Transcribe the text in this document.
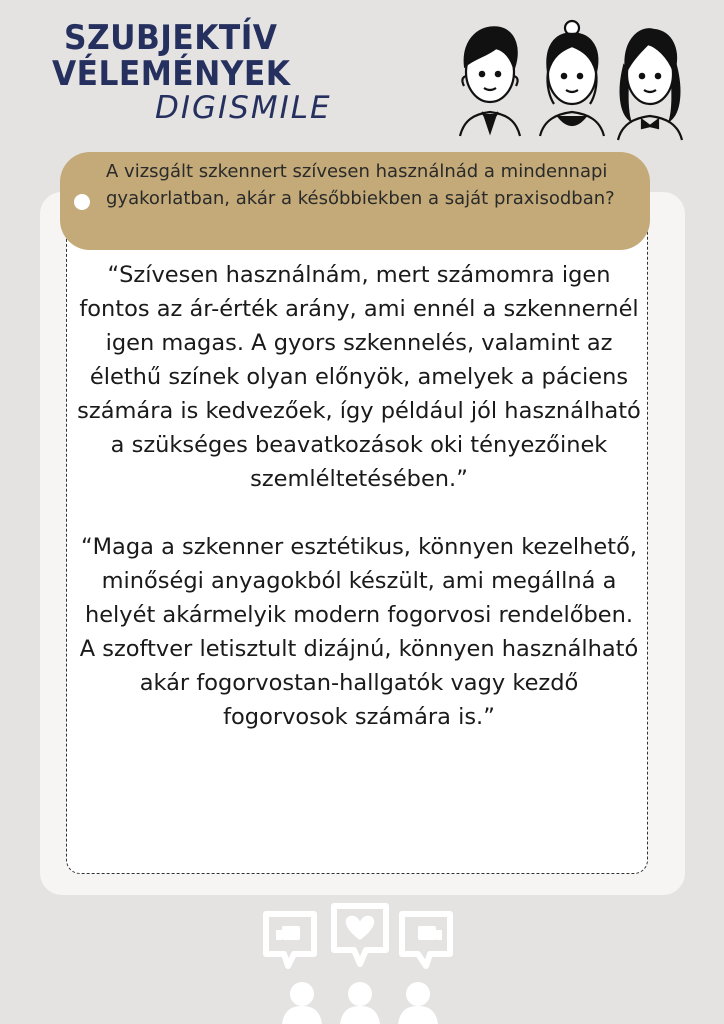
SZUBJEKTÍV
VÉLEMÉNYEK
DIGISMILE

A vizsgált szkennert szívesen használnád a mindennapi gyakorlatban, akár a későbbiekben a saját praxisodban?

“Szívesen használnám, mert számomra igen fontos az ár-érték arány, ami ennél a szkennernél igen magas. A gyors szkennelés, valamint az élethű színek olyan előnyök, amelyek a páciens számára is kedvezőek, így például jól használható a szükséges beavatkozások oki tényezőinek szemléltetésében.”

“Maga a szkenner esztétikus, könnyen kezelhető, minőségi anyagokból készült, ami megállná a helyét akármelyik modern fogorvosi rendelőben. A szoftver letisztult dizájnú, könnyen használható akár fogorvostan-hallgatók vagy kezdő fogorvosok számára is.”
